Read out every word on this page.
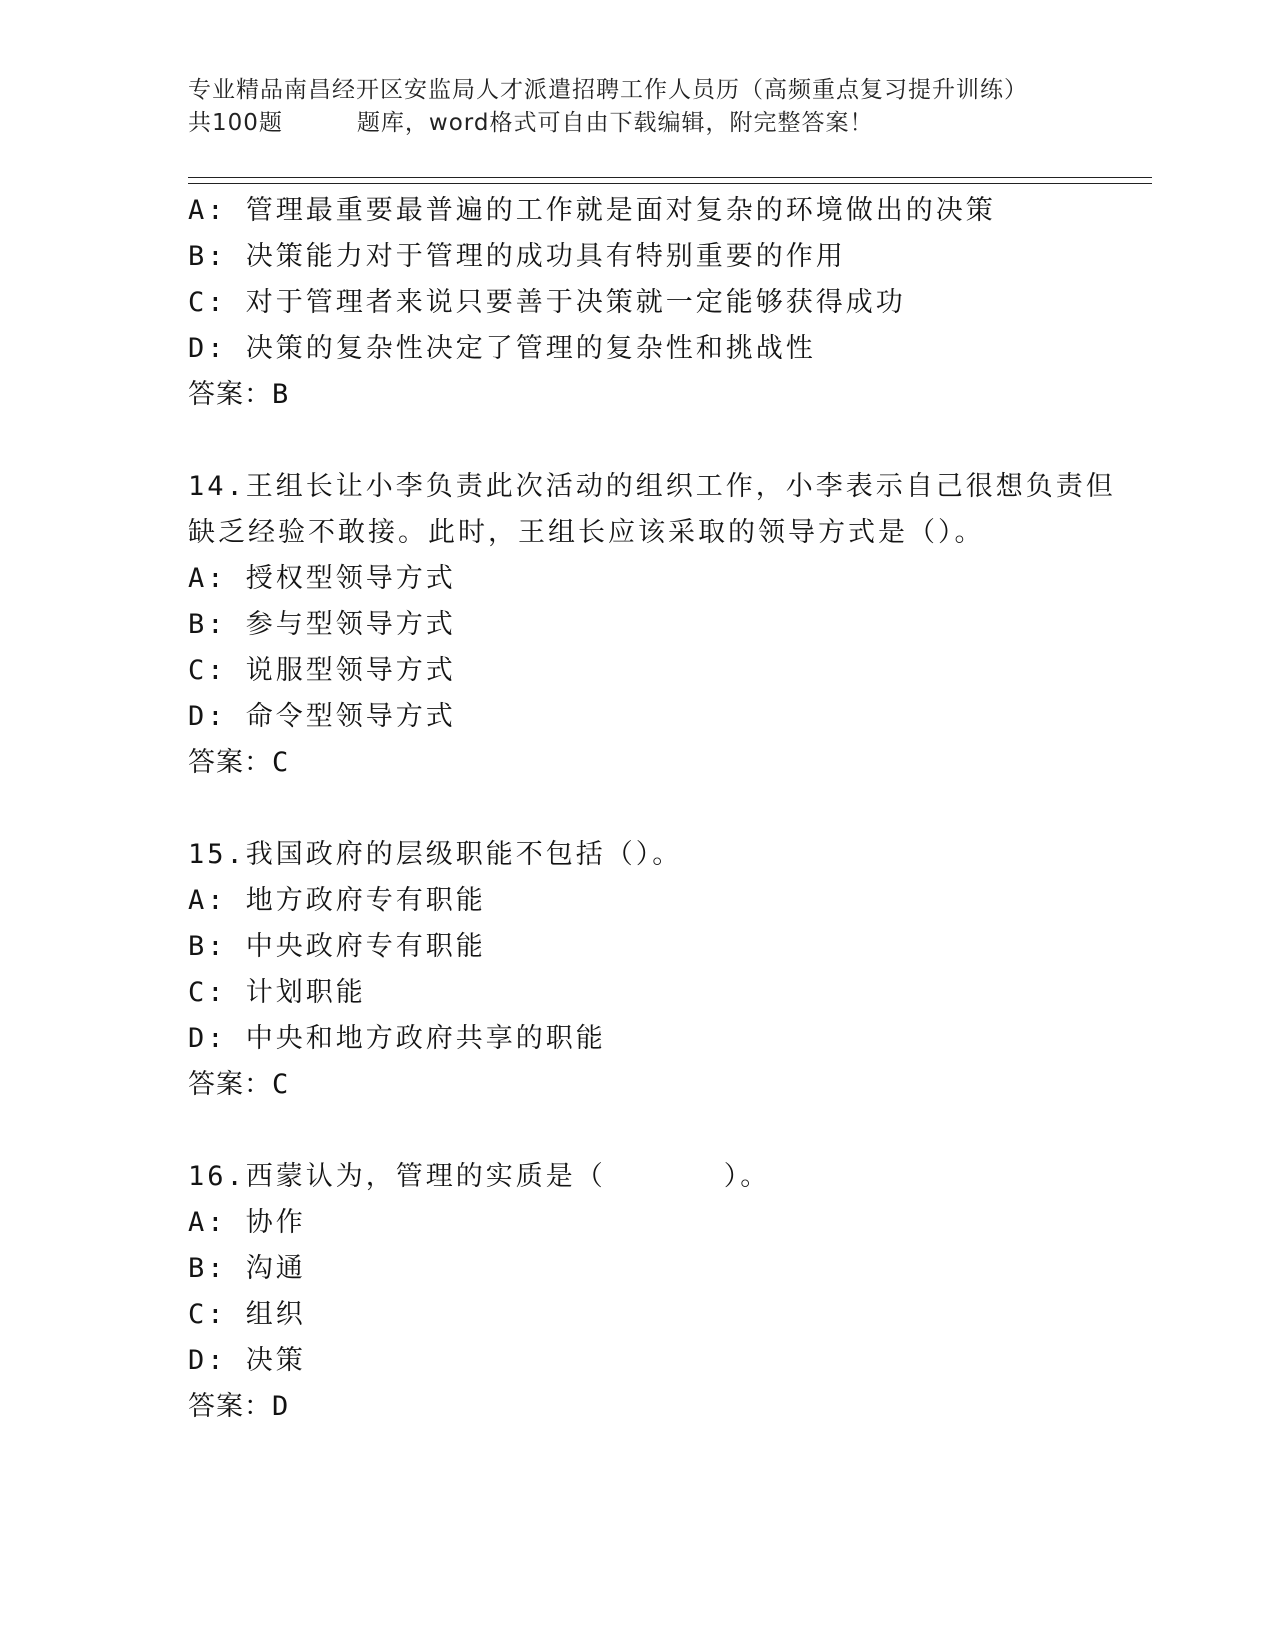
专业精品南昌经开区安监局人才派遣招聘工作人员历（高频重点复习提升训练）
共100题	题库，word格式可自由下载编辑，附完整答案！
A: 管理最重要最普遍的工作就是面对复杂的环境做出的决策
B: 决策能力对于管理的成功具有特别重要的作用
C: 对于管理者来说只要善于决策就一定能够获得成功
D: 决策的复杂性决定了管理的复杂性和挑战性
答案：B
14.王组长让小李负责此次活动的组织工作，小李表示自己很想负责但
缺乏经验不敢接。此时，王组长应该采取的领导方式是（）。
A: 授权型领导方式
B: 参与型领导方式
C: 说服型领导方式
D: 命令型领导方式
答案：C
15.我国政府的层级职能不包括（）。
A: 地方政府专有职能
B: 中央政府专有职能
C: 计划职能
D: 中央和地方政府共享的职能
答案：C
16.西蒙认为，管理的实质是（	）。
A: 协作
B: 沟通
C: 组织
D: 决策
答案：D
